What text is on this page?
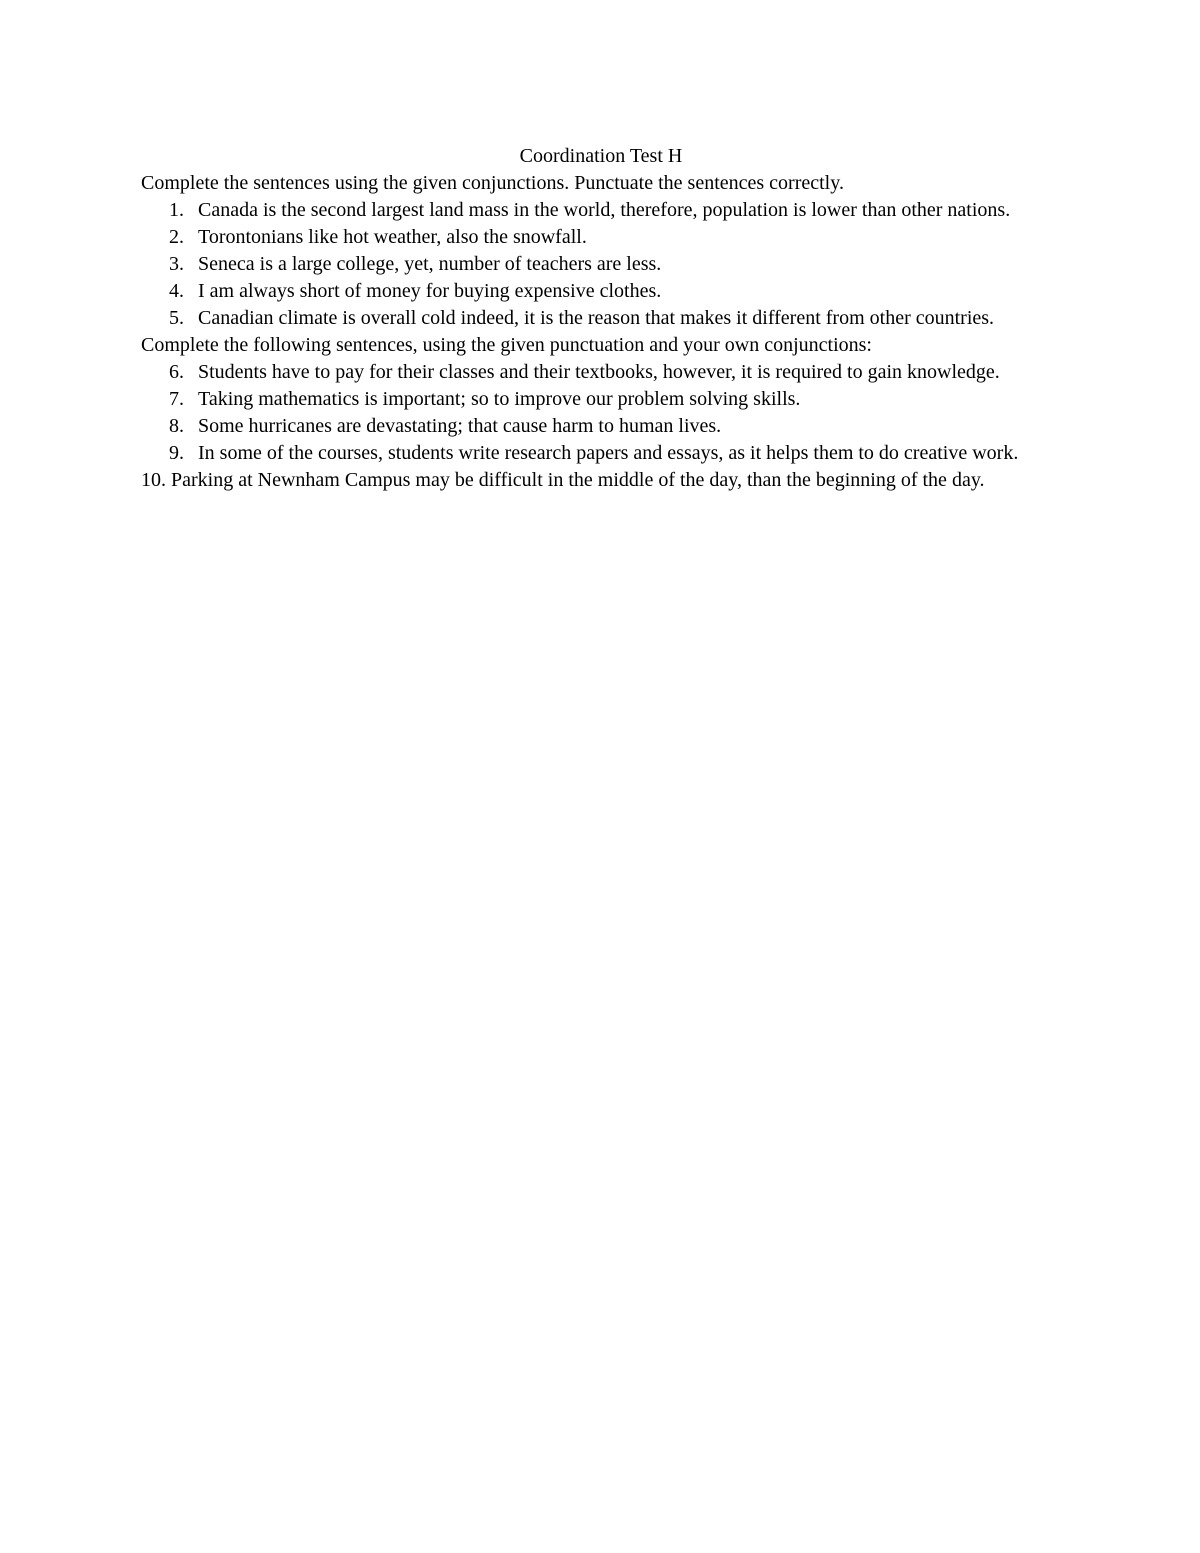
Coordination Test H

Complete the sentences using the given conjunctions. Punctuate the sentences correctly.

1. Canada is the second largest land mass in the world, therefore, population is lower than other nations.
2. Torontonians like hot weather, also the snowfall.
3. Seneca is a large college, yet, number of teachers are less.
4. I am always short of money for buying expensive clothes.
5. Canadian climate is overall cold indeed, it is the reason that makes it different from other countries.

Complete the following sentences, using the given punctuation and your own conjunctions:

6. Students have to pay for their classes and their textbooks, however, it is required to gain knowledge.
7. Taking mathematics is important; so to improve our problem solving skills.
8. Some hurricanes are devastating; that cause harm to human lives.
9. In some of the courses, students write research papers and essays, as it helps them to do creative work.

10. Parking at Newnham Campus may be difficult in the middle of the day, than the beginning of the day.
